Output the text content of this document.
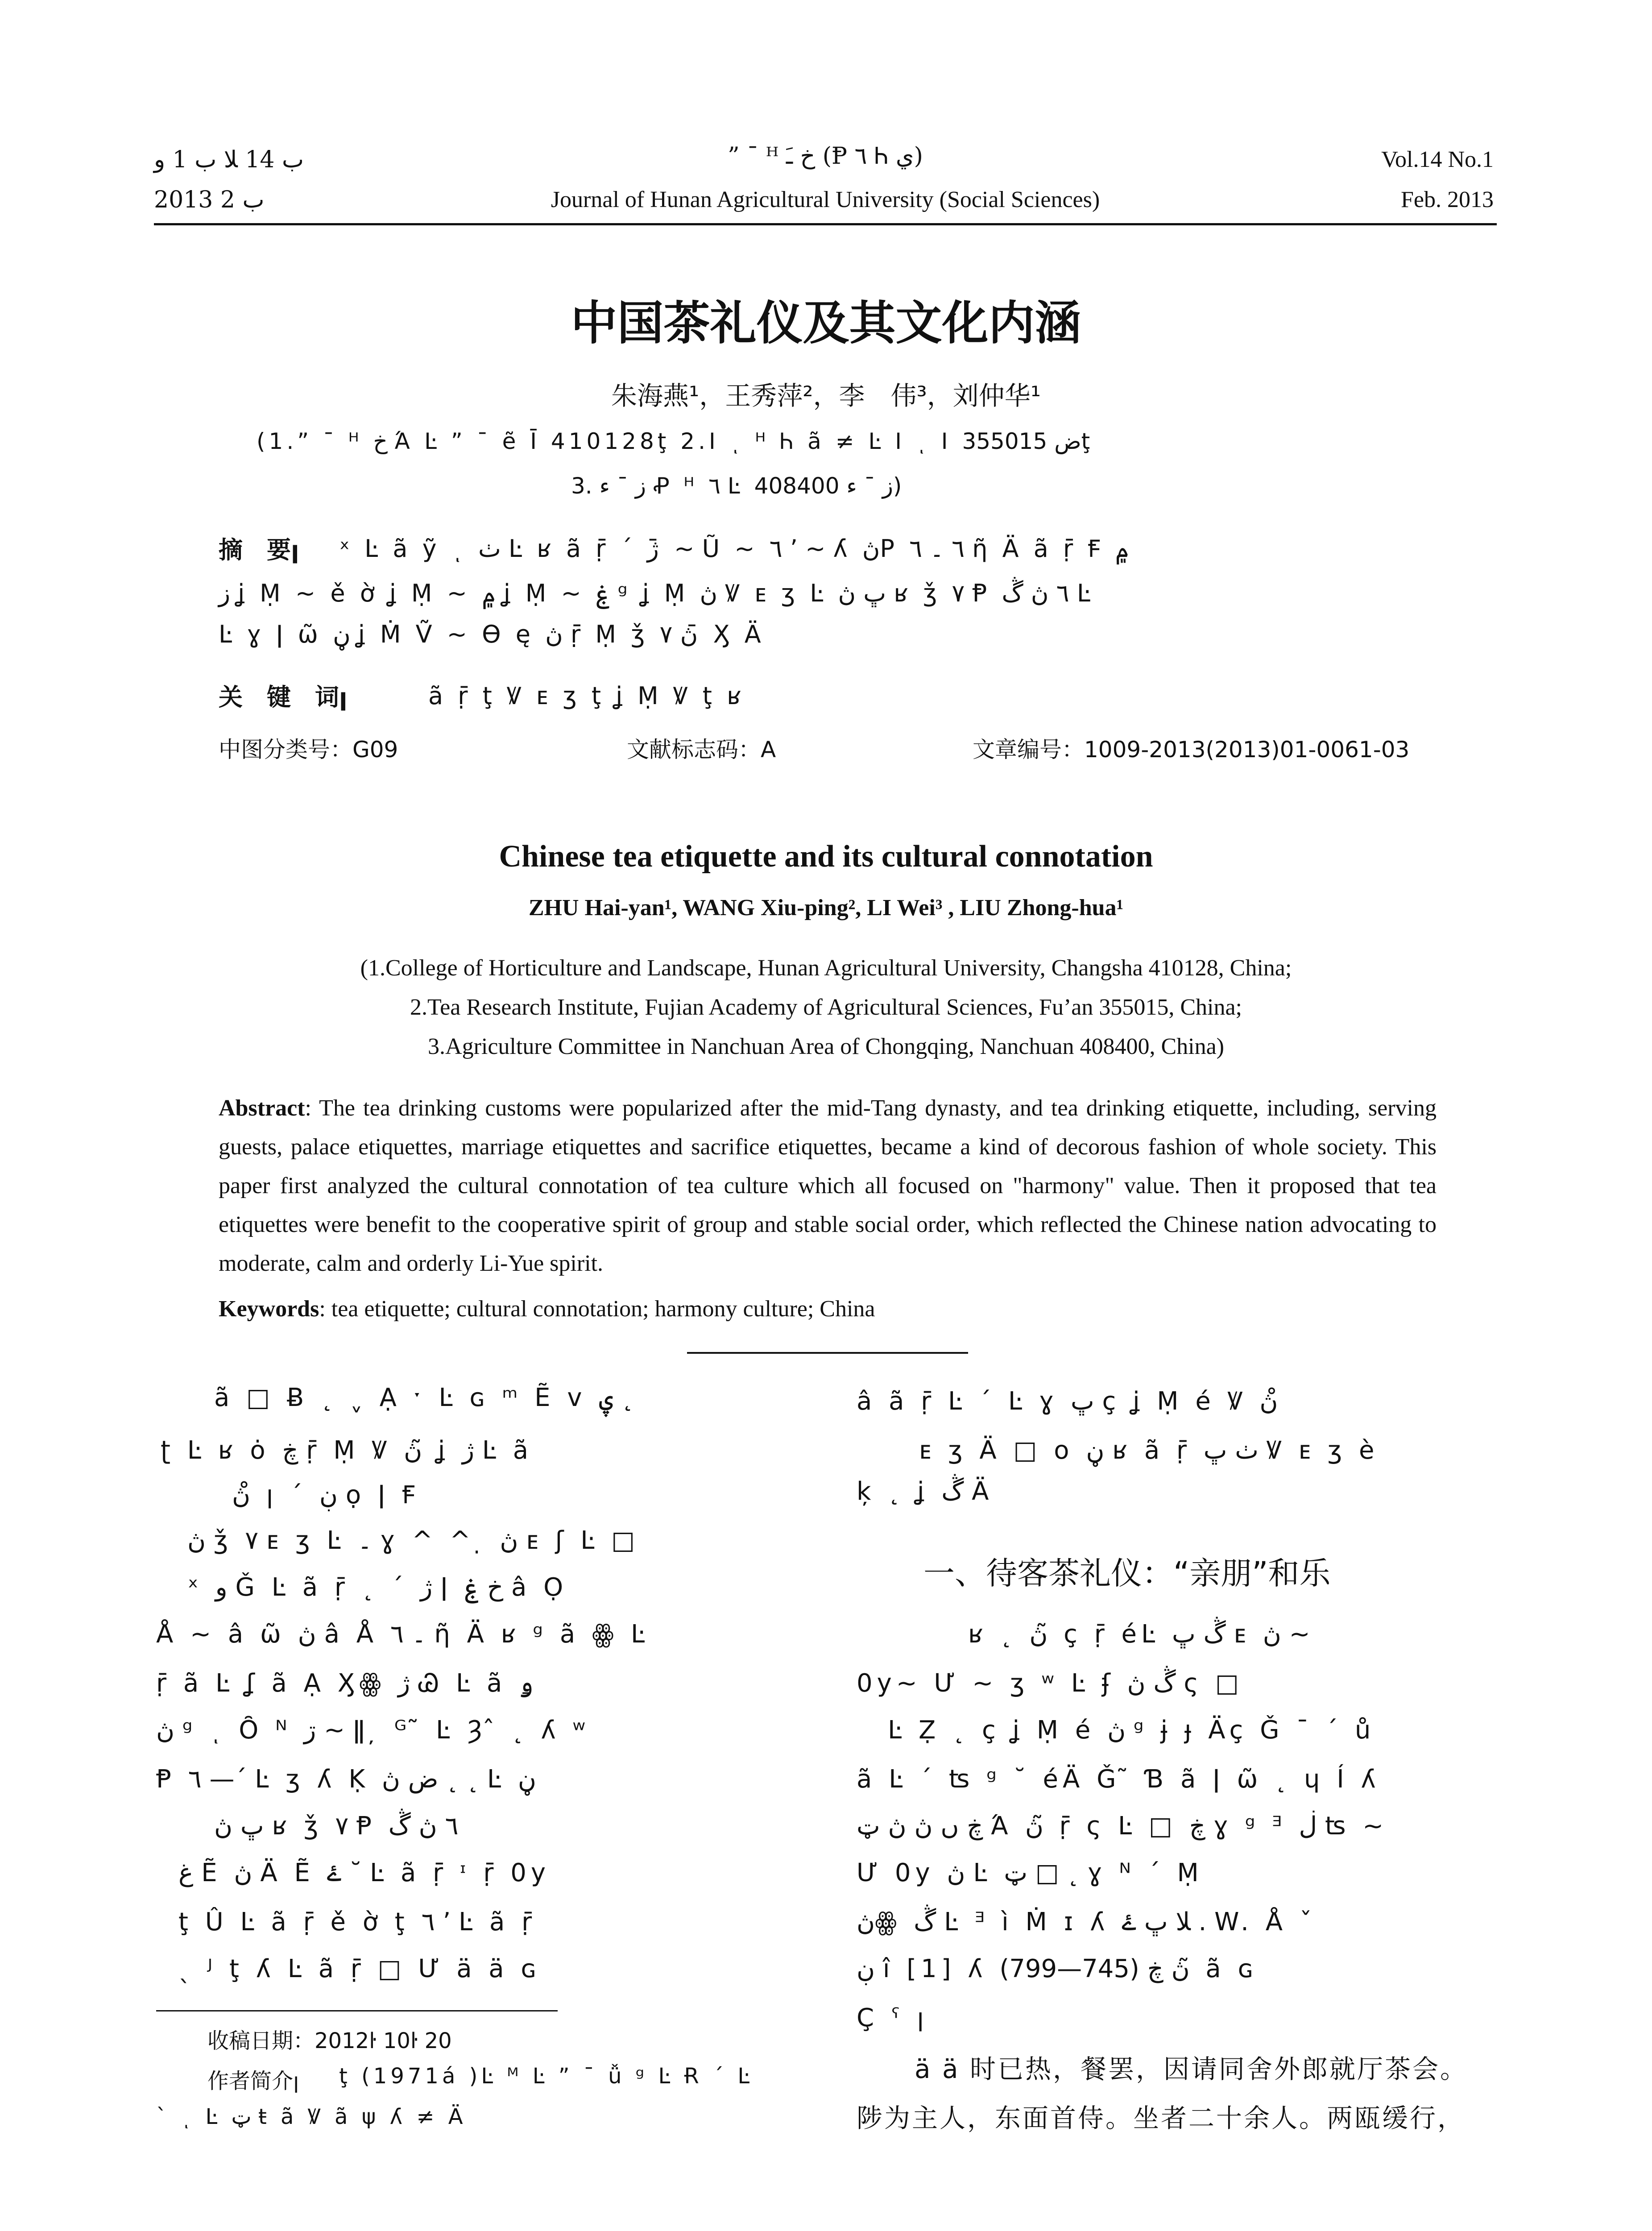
ب 14 ﻼ ب 1 ﻭ
2013 ب 2
” ¯ ᴴ خ ﹷ (Ᵽ ٦ Ꮒ ي)
Journal of Hunan Agricultural University (Social Sciences)
Vol.14 No.1
Feb. 2013
中国茶礼仪及其文化内涵
朱海燕¹，王秀萍²，李　伟³，刘仲华¹
(1.” ¯ ᴴ خ Ά Ŀ ” ¯ ẽ Ī 410128ţ 2.Ι ͺ ᴴ Ꮒ ã ≠ Ŀ Ι ͺ Ι ض 355015ţ
3. ز ¯ ء Ꝓ ᴴ ٦ Ŀ ز ¯ ء 408400)
摘　要ꞁ ˣ Ŀ ã ỹ ͺ ٺ Ŀ ʁ ã ṝ ˊ ژ ̄ ~ Ũ ~ ٦ ʼ ~ ʎ ڽP ٦ ۔ ٦ ῆ Ä ã ṝ Ꞙ ۾
ز ʝ Ṃ ~ ě ờ ʝ Ṃ ~ ۾ ʝ Ṃ ~ ۼ ᵍ ʝ Ṃ ڽ Ꝟ ᴇ ʒ Ŀ ڀ ڽ ʁ ǯ ۷ Ᵽ ٦ ڽ ڴ Ŀ
Ŀ ɣ ǀ ῶ ڼ ʝ Ṁ Ṽ ~ ϴ ę ڽ ṝ Ṃ ǯ ۷ ڽ ̄ Ӽ Ä
关　键　词ꞁ	ã ṝ ţ Ꝟ ᴇ ʒ ţ ʝ Ṃ Ꝟ ţ ʁ
中图分类号：G09	文献标志码：A	文章编号：1009-2013(2013)01-0061-03
Chinese tea etiquette and its cultural connotation
ZHU Hai-yan¹, WANG Xiu-ping², LI Wei³ , LIU Zhong-hua¹
(1.College of Horticulture and Landscape, Hunan Agricultural University, Changsha 410128, China;
2.Tea Research Institute, Fujian Academy of Agricultural Sciences, Fu’an 355015, China;
3.Agriculture Committee in Nanchuan Area of Chongqing, Nanchuan 408400, China)
Abstract: The tea drinking customs were popularized after the mid-Tang dynasty, and tea drinking etiquette, including, serving guests, palace etiquettes, marriage etiquettes and sacrifice etiquettes, became a kind of decorous fashion of whole society. This paper first analyzed the cultural connotation of tea culture which all focused on "harmony" value. Then it proposed that tea etiquettes were benefit to the cooperative spirit of group and stable social order, which reflected the Chinese nation advocating to moderate, calm and orderly Li-Yue spirit.
Keywords: tea etiquette; cultural connotation; harmony culture; China
ã □ Ƀ ˛ ˬ Ạ ˑ Ŀ ɢ ᵐ Ẽ ᴠ ۑ ˛
ʈ Ŀ ʁ ȯ ڿ ṝ Ṃ Ꝟ ڽ ̃ ʝ ژ Ŀ ã
ڽ ̊ ꞁ ˊ ڹ ọ ǀ Ꞙ
ڽ ǯ ۷ ᴇ ʒ Ŀ ۔ ɣ ^ ^ ̣ ڽ ᴇ ʃ Ŀ □
ˣ ﻭ Ǧ Ŀ ã ṝ ˛ ˊ ژ ǀ خ ۼ â Ọ
Å ~ â ῶ ڽ â Å ۔ ٦ ῆ Ä ʁ ᵍ ã ꙮ Ŀ
ṝ ã Ŀ ʆ ã Ạ Ӽꙮ ژ Ꮚ Ŀ ã ۅ
ڽ ᵍ ͺ Ȏ ᴺ ڗ ~ ǁ ̦ ᴳ ̃ Ŀ Ȝ ̂ ˛ ʎ ʷ
Ᵽ ٦ —ˊ Ŀ ʒ ʎ Ḳ ض ڽ ˛ ˛ Ŀ ڼ
ڀ ڽ ʁ ǯ ۷ Ᵽ ٦ ڽ ڴ
غ Ẽ ڽ Ä Ẽ ۓ ˘ Ŀ ã ṝ ᶦ ṝ 0y
ţ Û Ŀ ã ṝ ě ờ ţ ٦ ʼ Ŀ ã ṝ
ˎ ᴶ ţ ʎ Ŀ ã ṝ □ Ư ä ä ɢ
收稿日期：2012ŀ 10ŀ 20
作者简介ꞁ ţ (1971á )Ŀ ᴹ Ŀ ” ¯ ǚ ᵍ Ŀ Ɍ ˊ Ŀ
ˋ ͺ Ŀ ټ ŧ ã Ꝟ ã ψ ʎ ≠ Ä
â ã ṝ Ŀ ˊ Ŀ ɣ ڀ ç ʝ Ṃ é Ꝟ ڽ ̊
ᴇ ʒ Ä □ o ڼ ʁ ã ṝ ٺ ڀ Ꝟ ᴇ ʒ è
ķ ˛ ʝ ڴ Ä
一、待客茶礼仪：“亲朋”和乐
ʁ ˛ ڽ ̃ ç ṝ éĿ ڴ ڀ ᴇ ڽ ~
0y~ Ư ~ ʒ ʷ Ŀ ʄ ڴ ڽ ς □
Ŀ Ẓ ˛ ç ʝ Ṃ é ڽ ᵍ ɉ ɟ Äç Ǧ ˉ ˊ ů
ã Ŀ ˊ ʦ ᵍ ˘ éÄ Ǧ ̃ Ɓ ã ǀ ῶ ˛ ɥ Í ʎ
ڿ ں ڽ ڽ ټ Ά ڽ ̃ ṝ ς Ŀ □ ڿ ɣ ᵍ ᴲ ڶ ʦ ~
Ư 0y ڽ Ŀ ټ □ ˛ ɣ ᴺ ˊ Ṃ
ڽꙮ ڴ Ŀ ᴲ ì Ṁ ɪ ʎ ﻼ ڀ ۓ . W. Å ˇ
ڹ î [1] ʎ ڽ ڿ (745—799) ̃ ã ɢ
Ç ˤ ꞁ
ä ä 时已热，餐罢，因请同舍外郎就厅茶会。
陟为主人，东面首侍。坐者二十余人。两瓯缓行，
